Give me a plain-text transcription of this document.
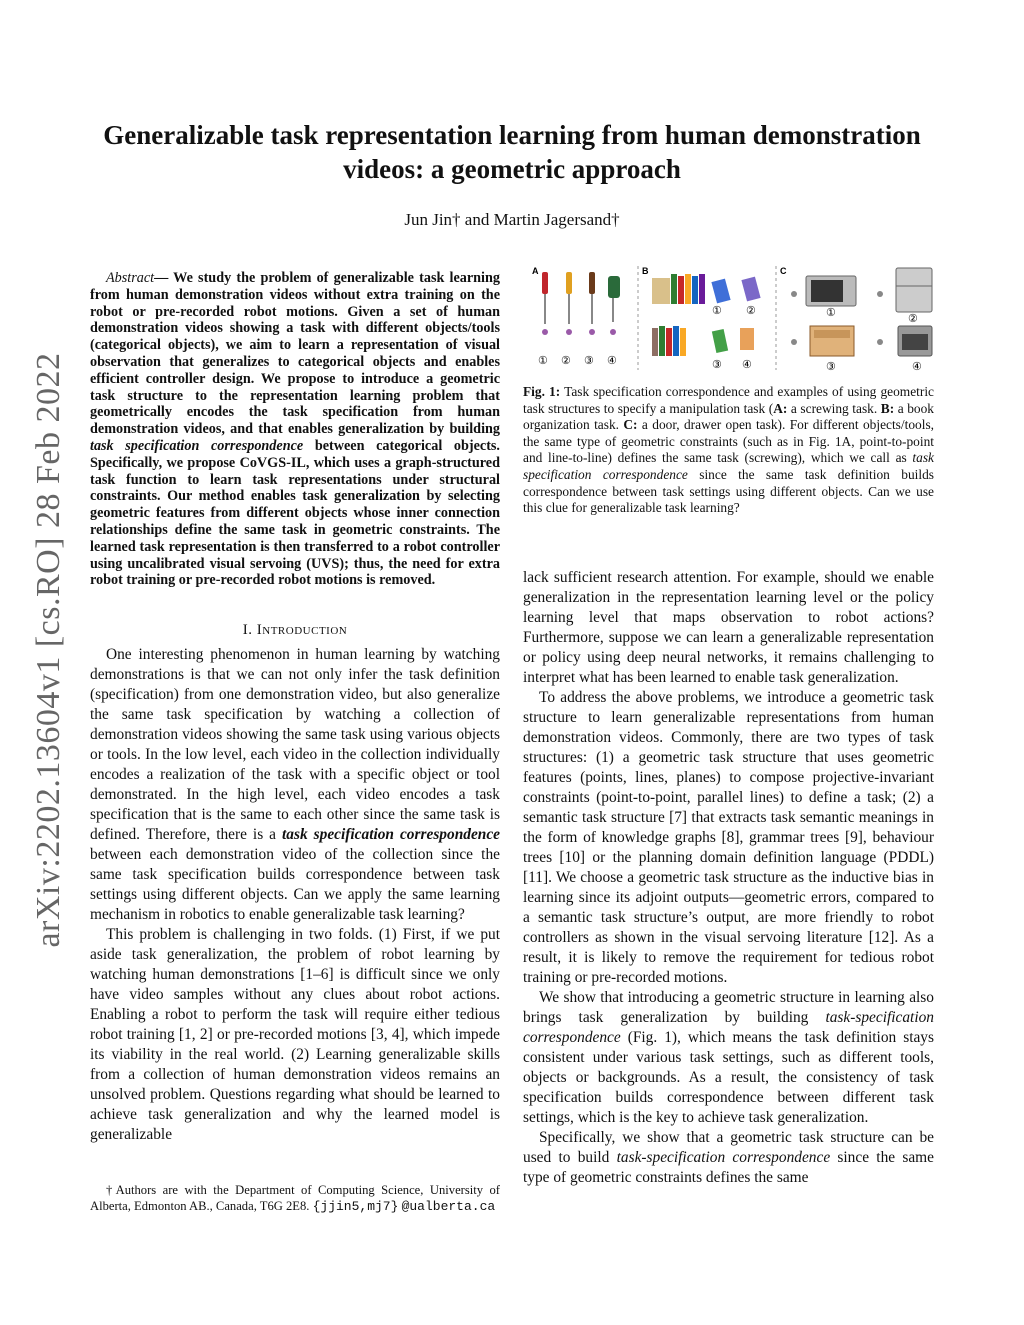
Generalizable task representation learning from human demonstration
videos: a geometric approach
Jun Jin† and Martin Jagersand†
arXiv:2202.13604v1 [cs.RO] 28 Feb 2022

Abstract— We study the problem of generalizable task learning from human demonstration videos without extra training on the robot or pre-recorded robot motions. Given a set of human demonstration videos showing a task with different objects/tools (categorical objects), we aim to learn a representation of visual observation that generalizes to categorical objects and enables efficient controller design. We propose to introduce a geometric task structure to the representation learning problem that geometrically encodes the task specification from human demonstration videos, and that enables generalization by building task specification correspondence between categorical objects. Specifically, we propose CoVGS-IL, which uses a graph-structured task function to learn task representations under structural constraints. Our method enables task generalization by selecting geometric features from different objects whose inner connection relationships define the same task in geometric constraints. The learned task representation is then transferred to a robot controller using uncalibrated visual servoing (UVS); thus, the need for extra robot training or pre-recorded robot motions is removed.

I. Introduction

One interesting phenomenon in human learning by watching demonstrations is that we can not only infer the task definition (specification) from one demonstration video, but also generalize the same task specification by watching a collection of demonstration videos showing the same task using various objects or tools. In the low level, each video in the collection individually encodes a realization of the task with a specific object or tool demonstrated. In the high level, each video encodes a task specification that is the same to each other since the same task is defined. Therefore, there is a task specification correspondence between each demonstration video of the collection since the same task specification builds correspondence between task settings using different objects. Can we apply the same learning mechanism in robotics to enable generalizable task learning?

This problem is challenging in two folds. (1) First, if we put aside task generalization, the problem of robot learning by watching human demonstrations [1–6] is difficult since we only have video samples without any clues about robot actions. Enabling a robot to perform the task will require either tedious robot training [1, 2] or pre-recorded motions [3, 4], which impede its viability in the real world. (2) Learning generalizable skills from a collection of human demonstration videos remains an unsolved problem. Questions regarding what should be learned to achieve task generalization and why the learned model is generalizable

†Authors are with the Department of Computing Science, University of Alberta, Edmonton AB., Canada, T6G 2E8. {jjin5,mj7} @ualberta.ca

A
① ② ③ ④
B
① ②
③ ④
C
①	②
③	④

Fig. 1: Task specification correspondence and examples of using geometric task structures to specify a manipulation task (A: a screwing task. B: a book organization task. C: a door, drawer open task). For different objects/tools, the same type of geometric constraints (such as in Fig. 1A, point-to-point and line-to-line) defines the same task (screwing), which we call as task specification correspondence since the same task definition builds correspondence between task settings using different objects. Can we use this clue for generalizable task learning?

lack sufficient research attention. For example, should we enable generalization in the representation learning level or the policy learning level that maps observation to robot actions? Furthermore, suppose we can learn a generalizable representation or policy using deep neural networks, it remains challenging to interpret what has been learned to enable task generalization.

To address the above problems, we introduce a geometric task structure to learn generalizable representations from human demonstration videos. Commonly, there are two types of task structures: (1) a geometric task structure that uses geometric features (points, lines, planes) to compose projective-invariant constraints (point-to-point, parallel lines) to define a task; (2) a semantic task structure [7] that extracts task semantic meanings in the form of knowledge graphs [8], grammar trees [9], behaviour trees [10] or the planning domain definition language (PDDL) [11]. We choose a geometric task structure as the inductive bias in learning since its adjoint outputs—geometric errors, compared to a semantic task structure’s output, are more friendly to robot controllers as shown in the visual servoing literature [12]. As a result, it is likely to remove the requirement for tedious robot training or pre-recorded motions.

We show that introducing a geometric structure in learning also brings task generalization by building task-specification correspondence (Fig. 1), which means the task definition stays consistent under various task settings, such as different tools, objects or backgrounds. As a result, the consistency of task specification builds correspondence between different task settings, which is the key to achieve task generalization.

Specifically, we show that a geometric task structure can be used to build task-specification correspondence since the same type of geometric constraints defines the same
